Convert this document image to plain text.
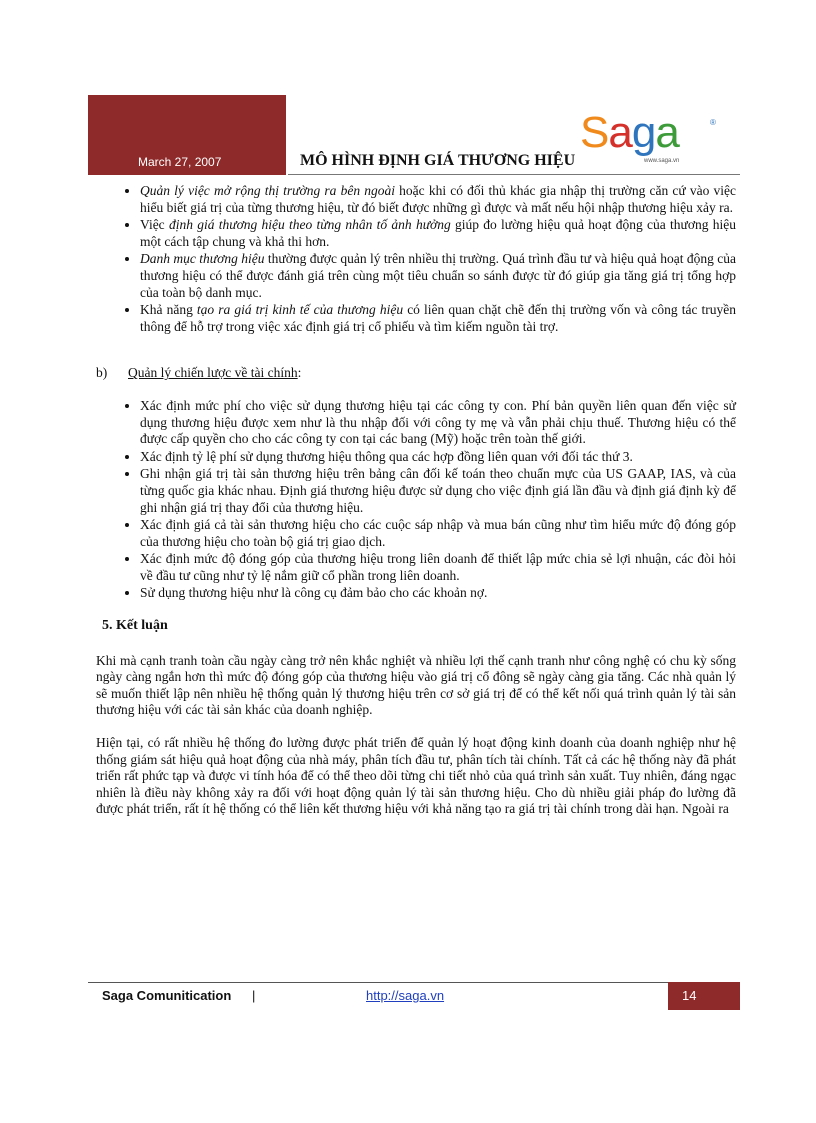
March 27, 2007	MÔ HÌNH ĐỊNH GIÁ THƯƠNG HIỆU
Saga	®
www.saga.vn
• Quản lý việc mở rộng thị trường ra bên ngoài hoặc khi có đối thủ khác gia nhập thị trường căn cứ vào việc hiểu biết giá trị của từng thương hiệu, từ đó biết được những gì được và mất nếu hội nhập thương hiệu xảy ra.
• Việc định giá thương hiệu theo từng nhân tố ảnh hưởng giúp đo lường hiệu quả hoạt động của thương hiệu một cách tập chung và khả thi hơn.
• Danh mục thương hiệu thường được quản lý trên nhiều thị trường. Quá trình đầu tư và hiệu quả hoạt động của thương hiệu có thể được đánh giá trên cùng một tiêu chuẩn so sánh được từ đó giúp gia tăng giá trị tổng hợp của toàn bộ danh mục.
• Khả năng tạo ra giá trị kinh tế của thương hiệu có liên quan chặt chẽ đến thị trường vốn và công tác truyền thông để hỗ trợ trong việc xác định giá trị cổ phiếu và tìm kiếm nguồn tài trợ.
b)	Quản lý chiến lược về tài chính:
• Xác định mức phí cho việc sử dụng thương hiệu tại các công ty con. Phí bản quyền liên quan đến việc sử dụng thương hiệu được xem như là thu nhập đối với công ty mẹ và vẫn phải chịu thuế. Thương hiệu có thể được cấp quyền cho cho các công ty con tại các bang (Mỹ) hoặc trên toàn thế giới.
• Xác định tỷ lệ phí sử dụng thương hiệu thông qua các hợp đồng liên quan với đối tác thứ 3.
• Ghi nhận giá trị tài sản thương hiệu trên bảng cân đối kế toán theo chuẩn mực của US GAAP, IAS, và của từng quốc gia khác nhau. Định giá thương hiệu được sử dụng cho việc định giá lần đầu và định giá định kỳ để ghi nhận giá trị thay đổi của thương hiệu.
• Xác định giá cả tài sản thương hiệu cho các cuộc sáp nhập và mua bán cũng như tìm hiểu mức độ đóng góp của thương hiệu cho toàn bộ giá trị giao dịch.
• Xác định mức độ đóng góp của thương hiệu trong liên doanh để thiết lập mức chia sẻ lợi nhuận, các đòi hỏi về đầu tư cũng như tỷ lệ nắm giữ cổ phần trong liên doanh.
• Sử dụng thương hiệu như là công cụ đảm bảo cho các khoản nợ.
5. Kết luận

Khi mà cạnh tranh toàn cầu ngày càng trở nên khắc nghiệt và nhiều lợi thế cạnh tranh như công nghệ có chu kỳ sống ngày càng ngắn hơn thì mức độ đóng góp của thương hiệu vào giá trị cổ đông sẽ ngày càng gia tăng. Các nhà quản lý sẽ muốn thiết lập nên nhiều hệ thống quản lý thương hiệu trên cơ sở giá trị để có thể kết nối quá trình quản lý tài sản thương hiệu với các tài sản khác của doanh nghiệp.

Hiện tại, có rất nhiều hệ thống đo lường được phát triển để quản lý hoạt động kinh doanh của doanh nghiệp như hệ thống giám sát hiệu quả hoạt động của nhà máy, phân tích đầu tư, phân tích tài chính. Tất cả các hệ thống này đã phát triển rất phức tạp và được vi tính hóa để có thể theo dõi từng chi tiết nhỏ của quá trình sản xuất. Tuy nhiên, đáng ngạc nhiên là điều này không xảy ra đối với hoạt động quản lý tài sản thương hiệu. Cho dù nhiều giải pháp đo lường đã được phát triển, rất ít hệ thống có thể liên kết thương hiệu với khả năng tạo ra giá trị tài chính trong dài hạn. Ngoài ra

Saga Comunitication |	http://saga.vn	14
